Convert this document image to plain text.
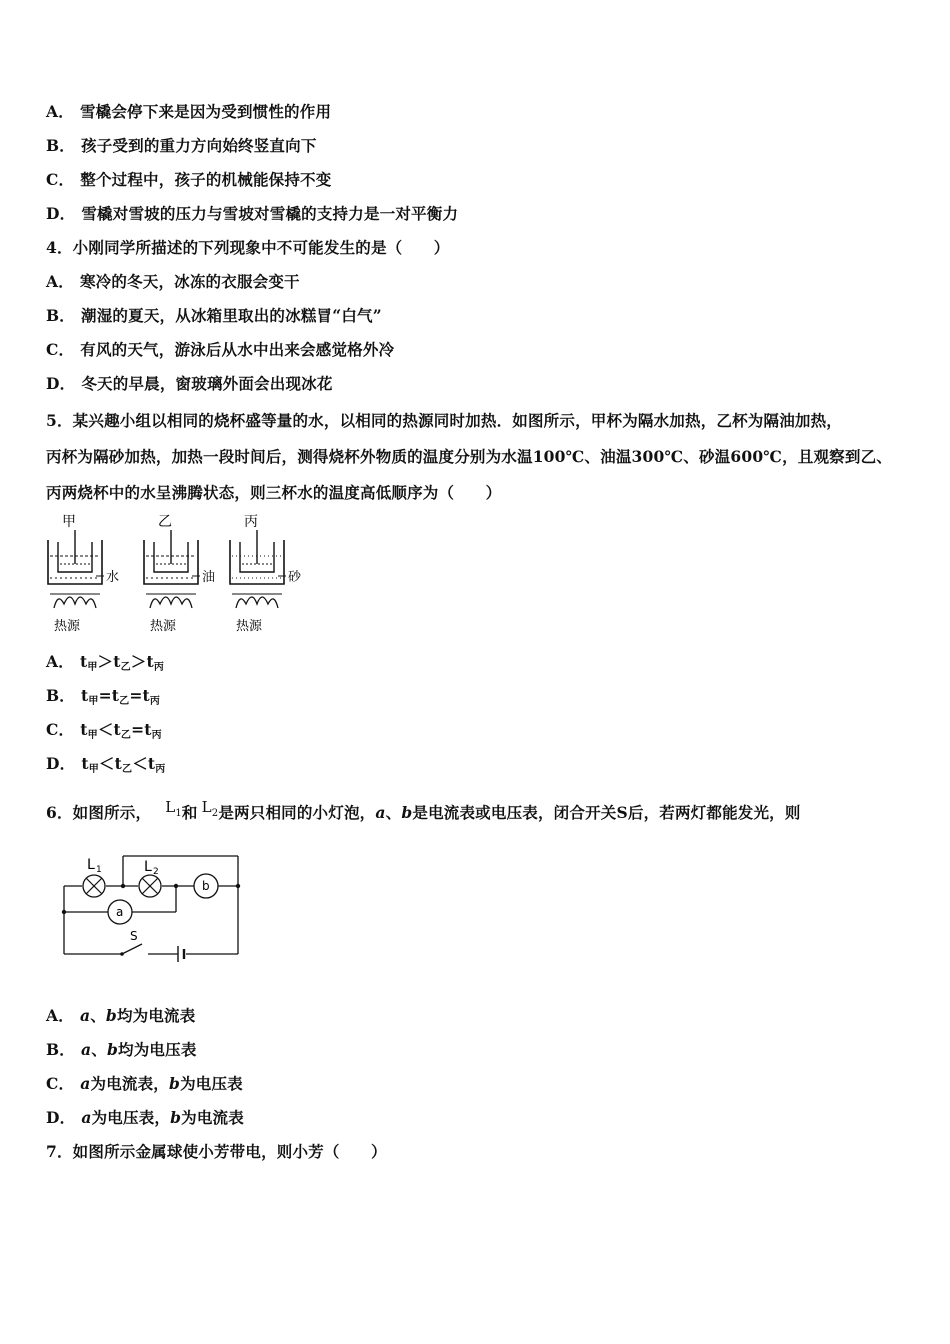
A． 雪橇会停下来是因为受到惯性的作用
B． 孩子受到的重力方向始终竖直向下
C． 整个过程中，孩子的机械能保持不变
D． 雪橇对雪坡的压力与雪坡对雪橇的支持力是一对平衡力
4．小刚同学所描述的下列现象中不可能发生的是（　　）
A． 寒冷的冬天，冰冻的衣服会变干
B． 潮湿的夏天，从冰箱里取出的冰糕冒“白气”
C． 有风的天气，游泳后从水中出来会感觉格外冷
D． 冬天的早晨，窗玻璃外面会出现冰花
5．某兴趣小组以相同的烧杯盛等量的水，以相同的热源同时加热．如图所示，甲杯为隔水加热，乙杯为隔油加热，
丙杯为隔砂加热，加热一段时间后，测得烧杯外物质的温度分别为水温100℃、油温300℃、砂温600℃，且观察到乙、
丙两烧杯中的水呈沸腾状态，则三杯水的温度高低顺序为（　　）
甲
水
热源
乙
油
热源
丙
砂
热源
A． $t_甲>t_乙>t_丙$
B． $t_甲=t_乙=t_丙$
C． $t_甲<t_乙=t_丙$
D． $t_甲<t_乙<t_丙$
6．如图所示， $L^1$和 $L^2$是两只相同的小灯泡，a、b是电流表或电压表，闭合开关S后，若两灯都能发光，则
L 1	L 2
b
a
S
A． a、b均为电流表
B． a、b均为电压表
C． a为电流表，b为电压表
D． a为电压表，b为电流表
7．如图所示金属球使小芳带电，则小芳（　　）
